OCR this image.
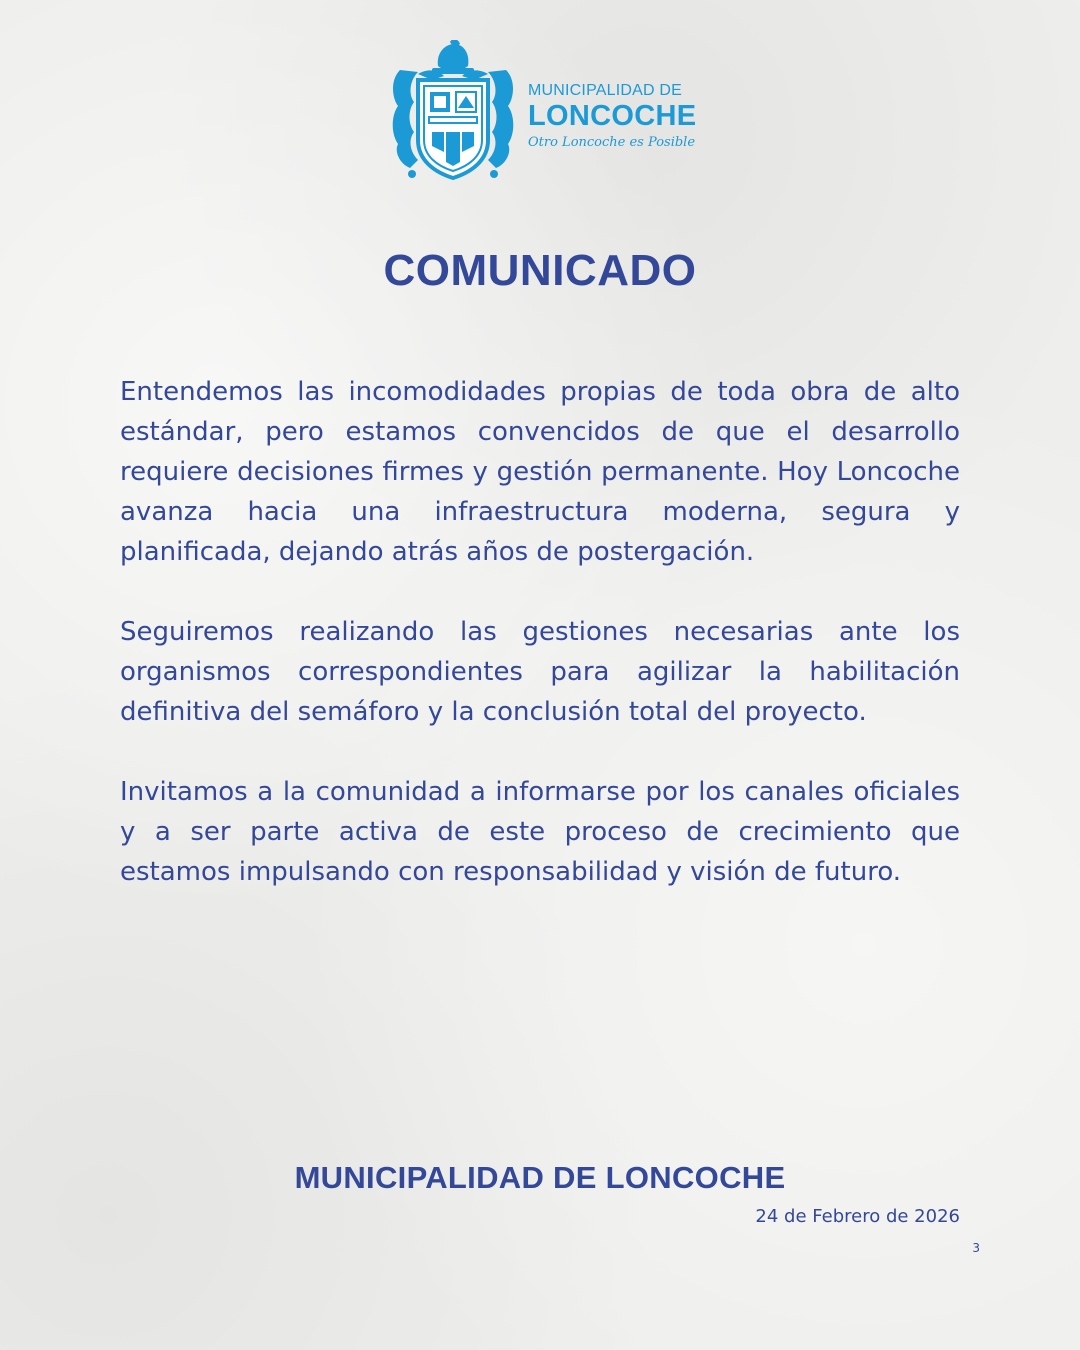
MUNICIPALIDAD DE
LONCOCHE
Otro Loncoche es Posible
COMUNICADO

Entendemos las incomodidades propias de toda obra de alto estándar, pero estamos convencidos de que el desarrollo requiere decisiones firmes y gestión permanente. Hoy Loncoche avanza hacia una infraestructura moderna, segura y planificada, dejando atrás años de postergación.

Seguiremos realizando las gestiones necesarias ante los organismos correspondientes para agilizar la habilitación definitiva del semáforo y la conclusión total del proyecto.

Invitamos a la comunidad a informarse por los canales oficiales y a ser parte activa de este proceso de crecimiento que estamos impulsando con responsabilidad y visión de futuro.

MUNICIPALIDAD DE LONCOCHE
24 de Febrero de 2026
3
